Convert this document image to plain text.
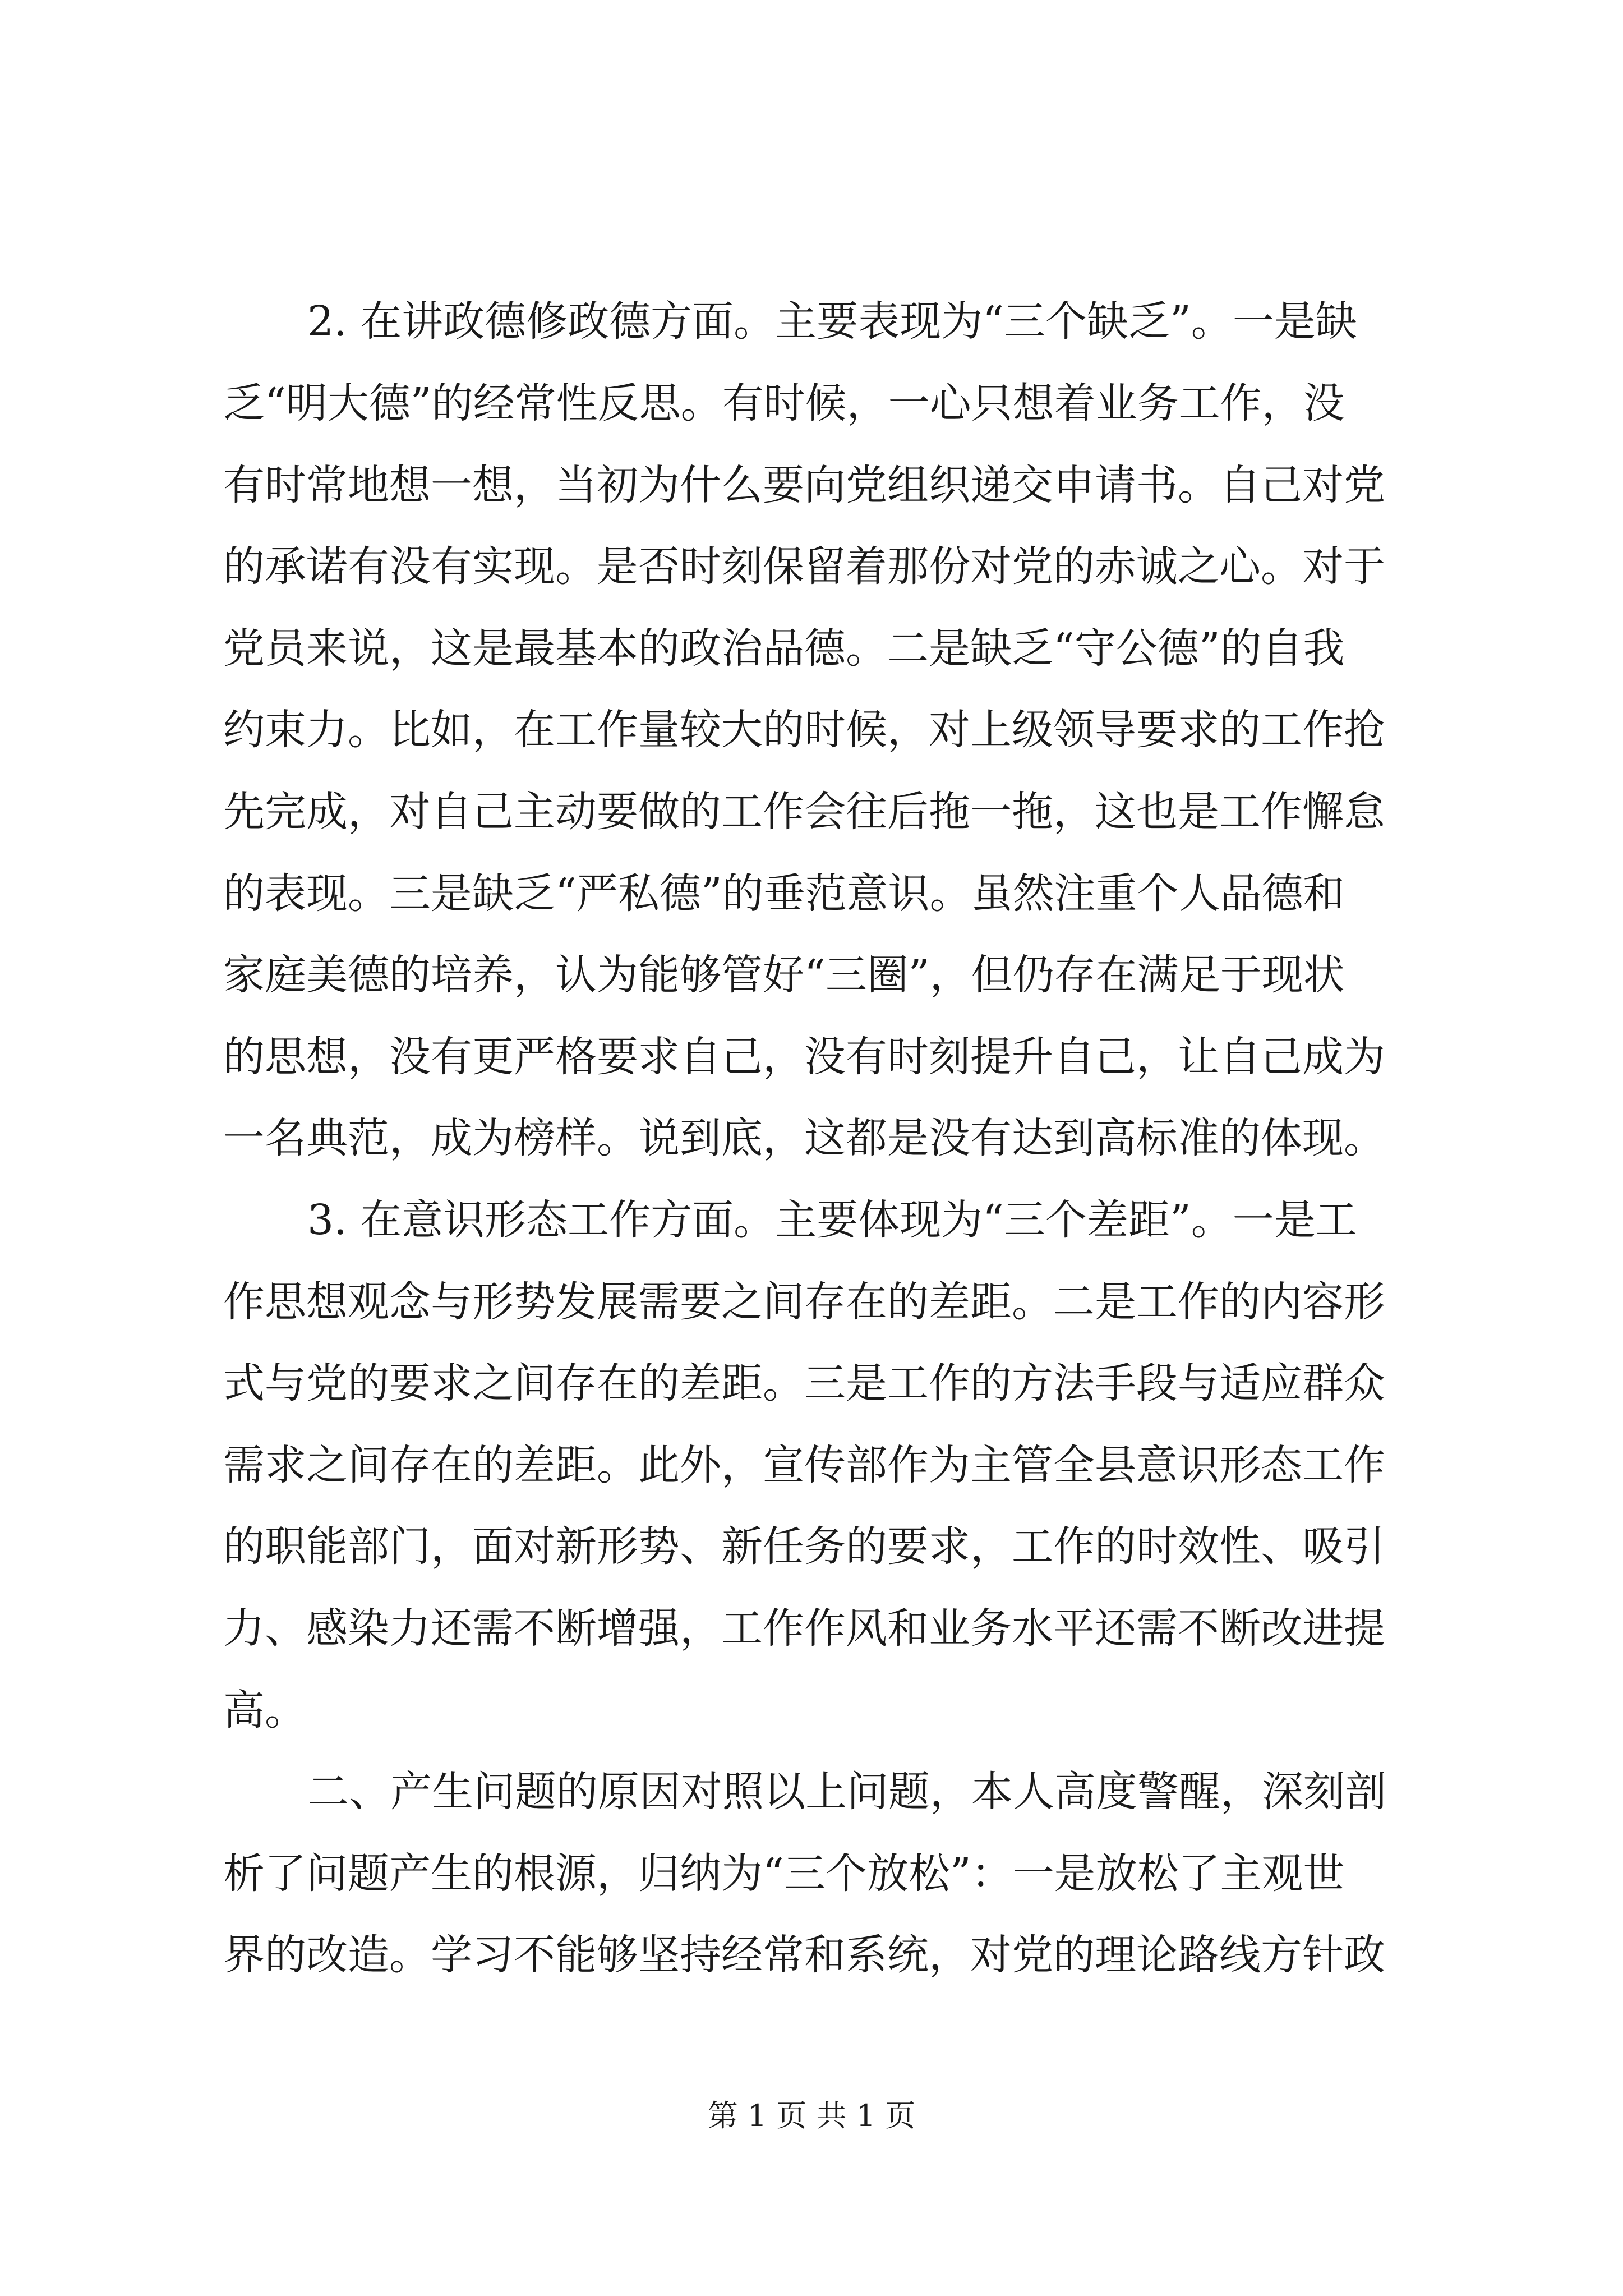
2. 在讲政德修政德方面。主要表现为“三个缺乏”。一是缺
乏“明大德”的经常性反思。有时候，一心只想着业务工作，没
有时常地想一想，当初为什么要向党组织递交申请书。自己对党
的承诺有没有实现。是否时刻保留着那份对党的赤诚之心。对于
党员来说，这是最基本的政治品德。二是缺乏“守公德”的自我
约束力。比如，在工作量较大的时候，对上级领导要求的工作抢
先完成，对自己主动要做的工作会往后拖一拖，这也是工作懈怠
的表现。三是缺乏“严私德”的垂范意识。虽然注重个人品德和
家庭美德的培养，认为能够管好“三圈”，但仍存在满足于现状
的思想，没有更严格要求自己，没有时刻提升自己，让自己成为
一名典范，成为榜样。说到底，这都是没有达到高标准的体现。
3. 在意识形态工作方面。主要体现为“三个差距”。一是工
作思想观念与形势发展需要之间存在的差距。二是工作的内容形
式与党的要求之间存在的差距。三是工作的方法手段与适应群众
需求之间存在的差距。此外，宣传部作为主管全县意识形态工作
的职能部门，面对新形势、新任务的要求，工作的时效性、吸引
力、感染力还需不断增强，工作作风和业务水平还需不断改进提
高。
二、产生问题的原因对照以上问题，本人高度警醒，深刻剖
析了问题产生的根源，归纳为“三个放松”：一是放松了主观世
界的改造。学习不能够坚持经常和系统，对党的理论路线方针政
第 1 页 共 1 页
